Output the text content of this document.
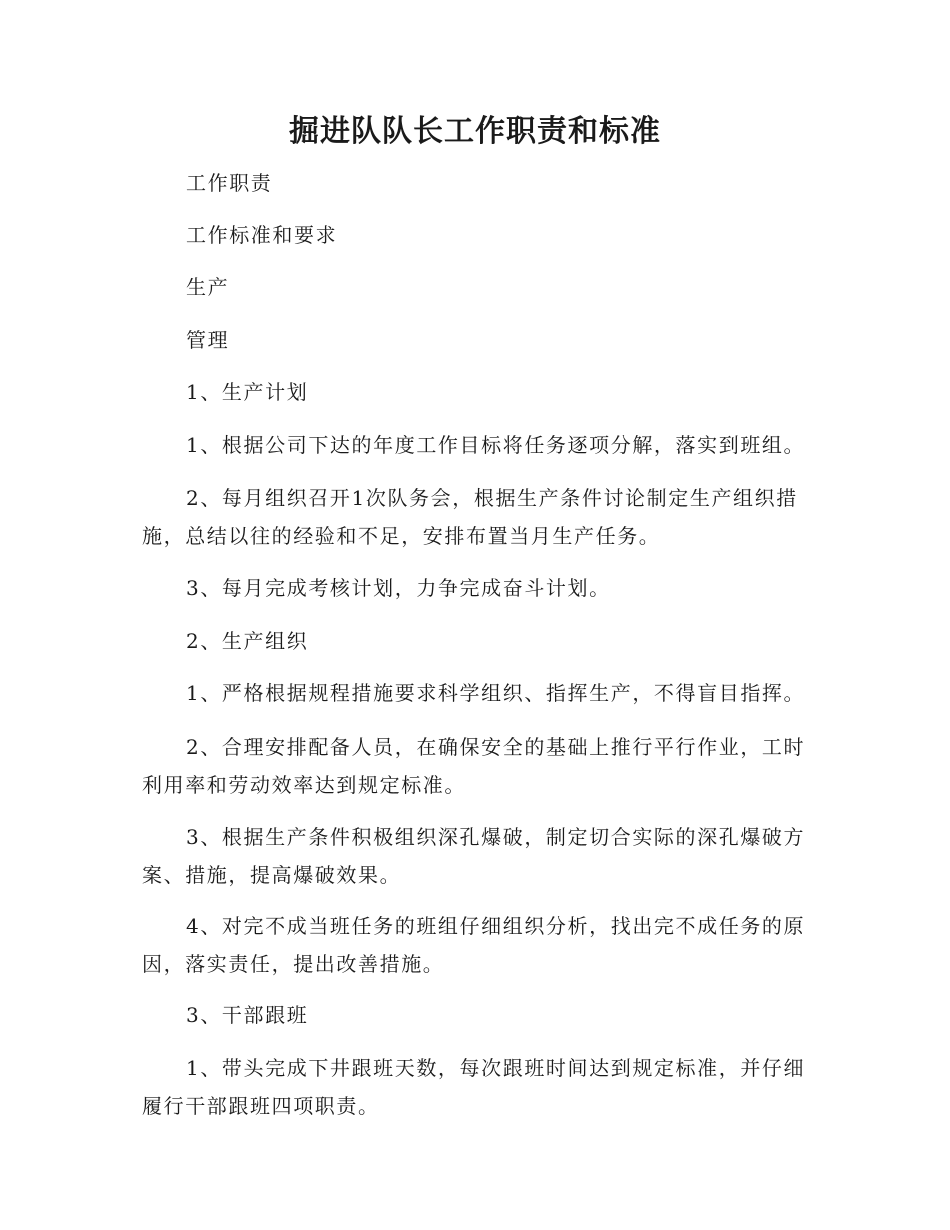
掘进队队长工作职责和标准

工作职责

工作标准和要求

生产

管理

1、生产计划

1、根据公司下达的年度工作目标将任务逐项分解，落实到班组。

2、每月组织召开1次队务会，根据生产条件讨论制定生产组织措施，总结以往的经验和不足，安排布置当月生产任务。

3、每月完成考核计划，力争完成奋斗计划。

2、生产组织

1、严格根据规程措施要求科学组织、指挥生产，不得盲目指挥。

2、合理安排配备人员，在确保安全的基础上推行平行作业，工时利用率和劳动效率达到规定标准。

3、根据生产条件积极组织深孔爆破，制定切合实际的深孔爆破方案、措施，提高爆破效果。

4、对完不成当班任务的班组仔细组织分析，找出完不成任务的原因，落实责任，提出改善措施。

3、干部跟班

1、带头完成下井跟班天数，每次跟班时间达到规定标准，并仔细履行干部跟班四项职责。
